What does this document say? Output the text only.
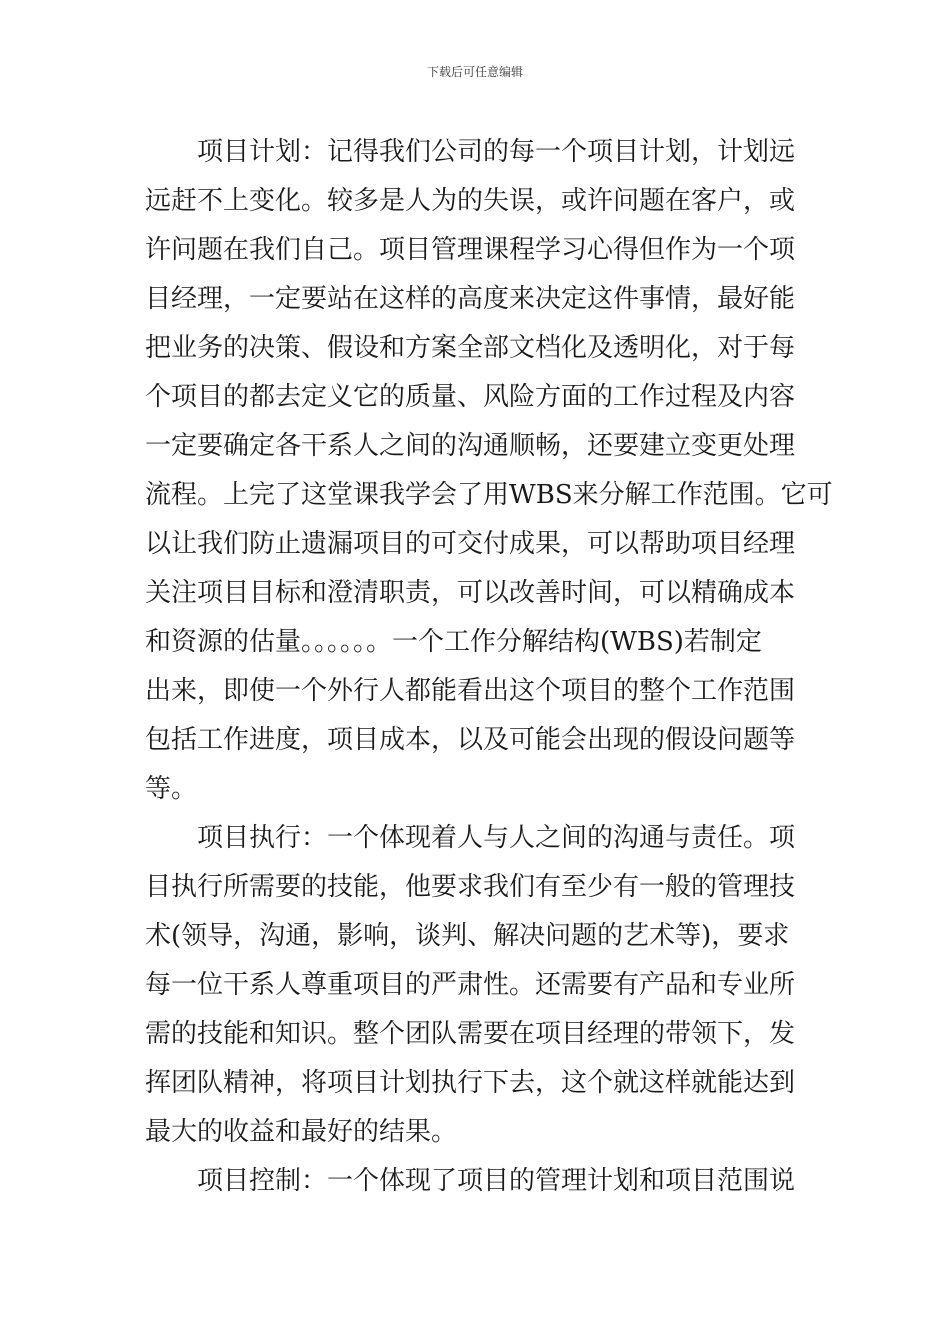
下载后可任意编辑
项目计划：记得我们公司的每一个项目计划，计划远
远赶不上变化。较多是人为的失误，或许问题在客户，或
许问题在我们自己。项目管理课程学习心得但作为一个项
目经理，一定要站在这样的高度来决定这件事情，最好能
把业务的决策、假设和方案全部文档化及透明化，对于每
个项目的都去定义它的质量、风险方面的工作过程及内容
一定要确定各干系人之间的沟通顺畅，还要建立变更处理
流程。上完了这堂课我学会了用WBS来分解工作范围。它可
以让我们防止遗漏项目的可交付成果，可以帮助项目经理
关注项目目标和澄清职责，可以改善时间，可以精确成本
和资源的估量。。。。。。一个工作分解结构(WBS)若制定
出来，即使一个外行人都能看出这个项目的整个工作范围
包括工作进度，项目成本，以及可能会出现的假设问题等
等。
项目执行：一个体现着人与人之间的沟通与责任。项
目执行所需要的技能，他要求我们有至少有一般的管理技
术(领导，沟通，影响，谈判、解决问题的艺术等)，要求
每一位干系人尊重项目的严肃性。还需要有产品和专业所
需的技能和知识。整个团队需要在项目经理的带领下，发
挥团队精神，将项目计划执行下去，这个就这样就能达到
最大的收益和最好的结果。
项目控制：一个体现了项目的管理计划和项目范围说
